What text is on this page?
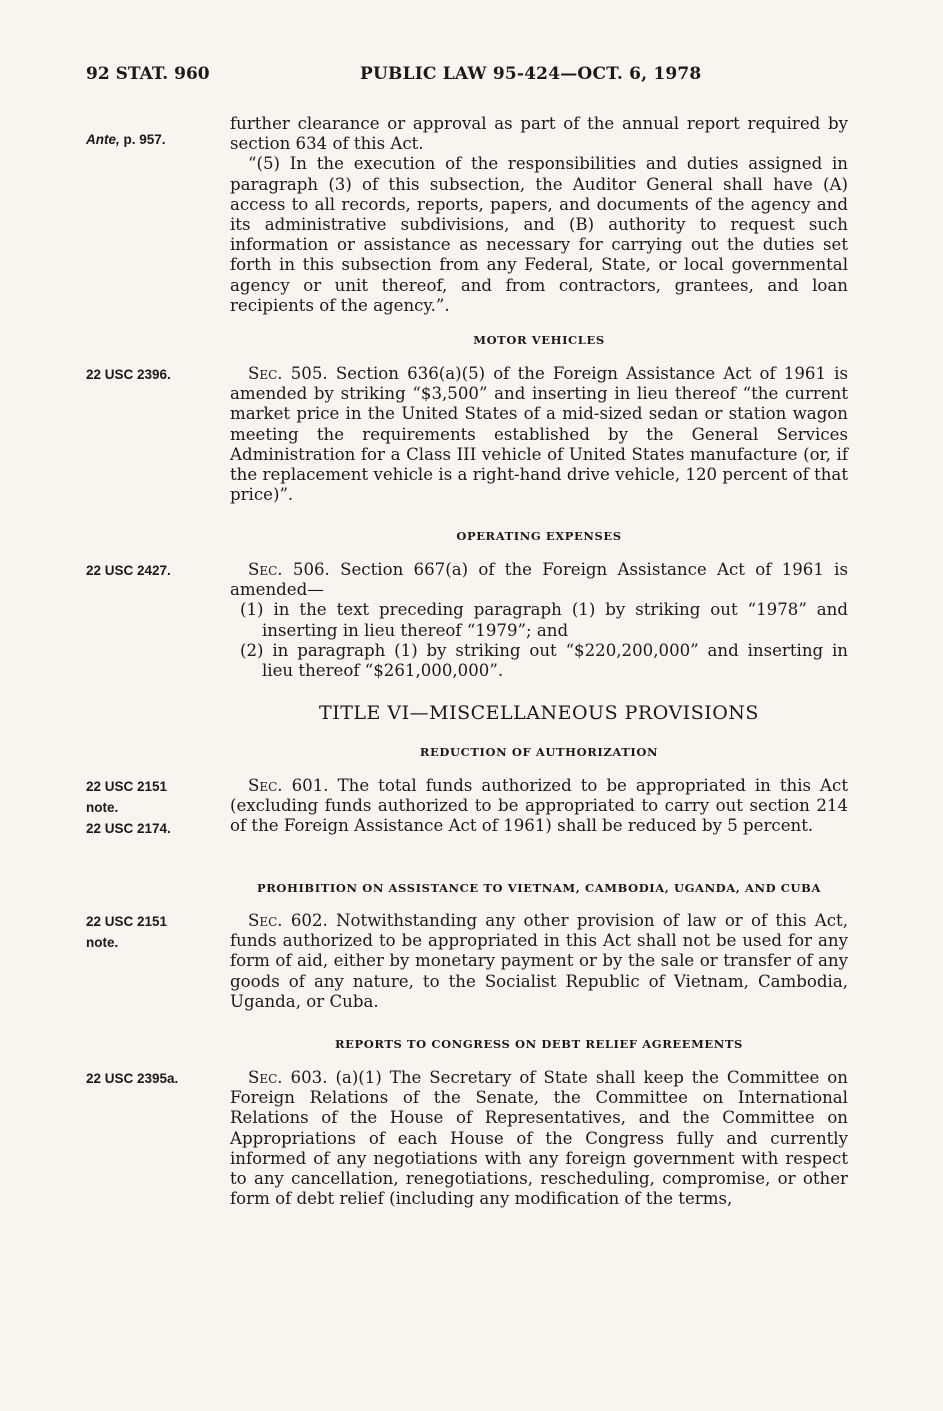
92 STAT. 960	PUBLIC LAW 95-424—OCT. 6, 1978
Ante, p. 957.
22 USC 2396.
22 USC 2427.
22 USC 2151
note.
22 USC 2174.
22 USC 2151
note.
22 USC 2395a.

further clearance or approval as part of the annual report required by section 634 of this Act.

“(5) In the execution of the responsibilities and duties assigned in paragraph (3) of this subsection, the Auditor General shall have (A) access to all records, reports, papers, and documents of the agency and its administrative subdivisions, and (B) authority to request such information or assistance as necessary for carrying out the duties set forth in this subsection from any Federal, State, or local governmental agency or unit thereof, and from contractors, grantees, and loan recipients of the agency.”.

MOTOR VEHICLES
Sec. 505. Section 636(a)(5) of the Foreign Assistance Act of 1961 is amended by striking “$3,500” and inserting in lieu thereof “the current market price in the United States of a mid-sized sedan or station wagon meeting the requirements established by the General Services Administration for a Class III vehicle of United States manufacture (or, if the replacement vehicle is a right-hand drive vehicle, 120 percent of that price)”.
OPERATING EXPENSES

Sec. 506. Section 667(a) of the Foreign Assistance Act of 1961 is amended—

(1) in the text preceding paragraph (1) by striking out “1978” and inserting in lieu thereof “1979”; and

(2) in paragraph (1) by striking out “$220,200,000” and inserting in lieu thereof “$261,000,000”.

TITLE VI—MISCELLANEOUS PROVISIONS
REDUCTION OF AUTHORIZATION
Sec. 601. The total funds authorized to be appropriated in this Act (excluding funds authorized to be appropriated to carry out section 214 of the Foreign Assistance Act of 1961) shall be reduced by 5 percent.
PROHIBITION ON ASSISTANCE TO VIETNAM, CAMBODIA, UGANDA, AND CUBA
Sec. 602. Notwithstanding any other provision of law or of this Act, funds authorized to be appropriated in this Act shall not be used for any form of aid, either by monetary payment or by the sale or transfer of any goods of any nature, to the Socialist Republic of Vietnam, Cambodia, Uganda, or Cuba.
REPORTS TO CONGRESS ON DEBT RELIEF AGREEMENTS
Sec. 603. (a)(1) The Secretary of State shall keep the Committee on Foreign Relations of the Senate, the Committee on International Relations of the House of Representatives, and the Committee on Appropriations of each House of the Congress fully and currently informed of any negotiations with any foreign government with respect to any cancellation, renegotiations, rescheduling, compromise, or other form of debt relief (including any modification of the terms,
